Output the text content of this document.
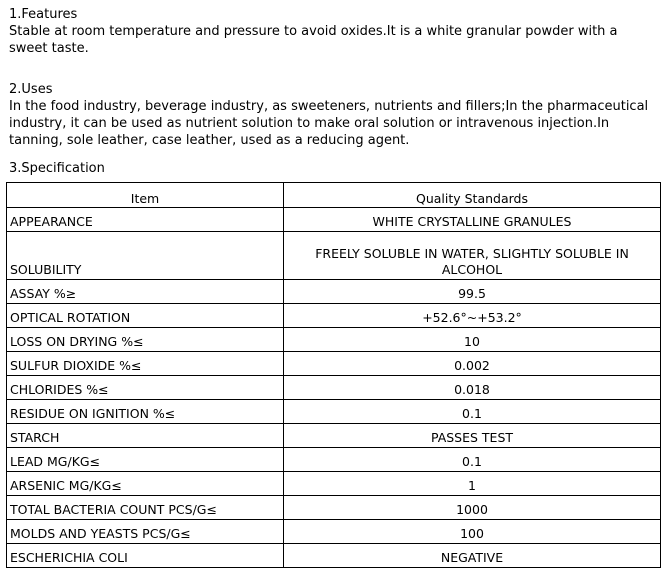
1.Features

Stable at room temperature and pressure to avoid oxides.It is a white granular powder with a sweet taste.

2.Uses

In the food industry, beverage industry, as sweeteners, nutrients and fillers;In the pharmaceutical industry, it can be used as nutrient solution to make oral solution or intravenous injection.In tanning, sole leather, case leather, used as a reducing agent.

3.Specification
Item	Quality Standards
APPEARANCE	WHITE CRYSTALLINE GRANULES
SOLUBILITY	FREELY SOLUBLE IN WATER, SLIGHTLY SOLUBLE IN ALCOHOL
ASSAY %≥	99.5
OPTICAL ROTATION	+52.6°~+53.2°
LOSS ON DRYING %≤	10
SULFUR DIOXIDE %≤	0.002
CHLORIDES %≤	0.018
RESIDUE ON IGNITION %≤	0.1
STARCH	PASSES TEST
LEAD MG/KG≤	0.1
ARSENIC MG/KG≤	1
TOTAL BACTERIA COUNT PCS/G≤	1000
MOLDS AND YEASTS PCS/G≤	100
ESCHERICHIA COLI	NEGATIVE
